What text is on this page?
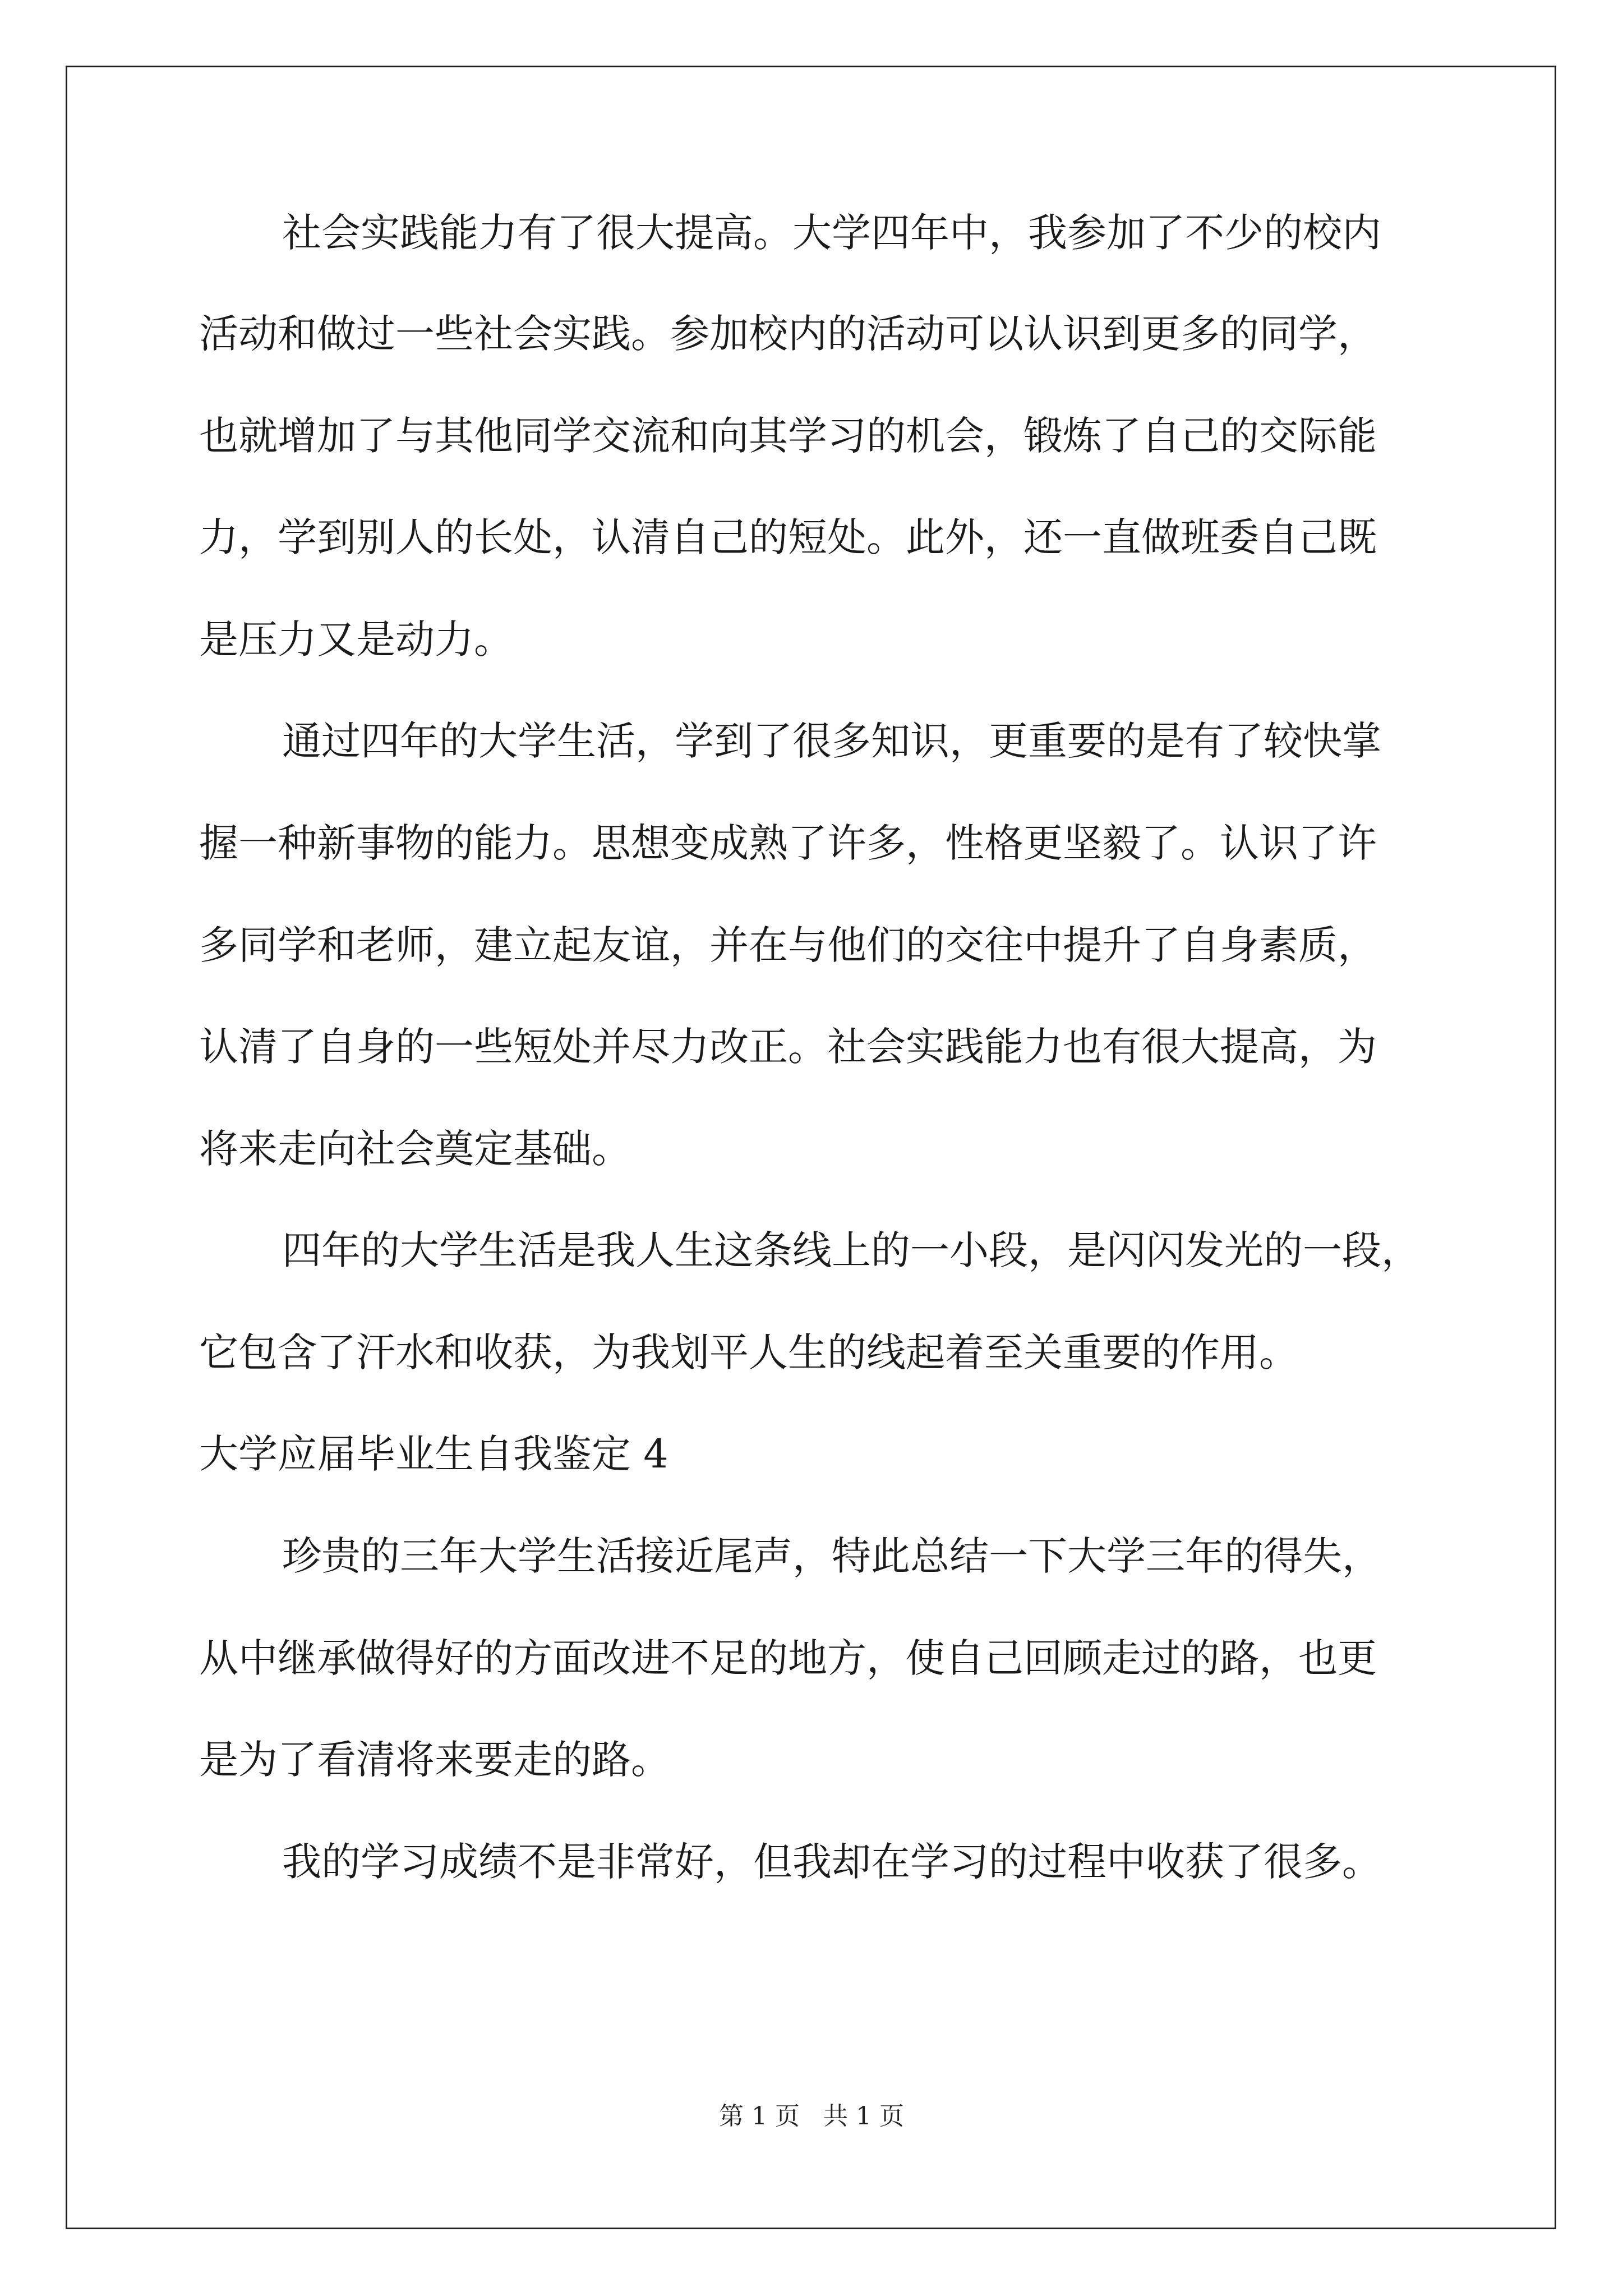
社会实践能力有了很大提高。大学四年中，我参加了不少的校内
活动和做过一些社会实践。参加校内的活动可以认识到更多的同学，
也就增加了与其他同学交流和向其学习的机会，锻炼了自己的交际能
力，学到别人的长处，认清自己的短处。此外，还一直做班委自己既
是压力又是动力。
通过四年的大学生活，学到了很多知识，更重要的是有了较快掌
握一种新事物的能力。思想变成熟了许多，性格更坚毅了。认识了许
多同学和老师，建立起友谊，并在与他们的交往中提升了自身素质，
认清了自身的一些短处并尽力改正。社会实践能力也有很大提高，为
将来走向社会奠定基础。
四年的大学生活是我人生这条线上的一小段，是闪闪发光的一段，
它包含了汗水和收获，为我划平人生的线起着至关重要的作用。
大学应届毕业生自我鉴定 4
珍贵的三年大学生活接近尾声，特此总结一下大学三年的得失，
从中继承做得好的方面改进不足的地方，使自己回顾走过的路，也更
是为了看清将来要走的路。
我的学习成绩不是非常好，但我却在学习的过程中收获了很多。
第 1 页   共 1 页
